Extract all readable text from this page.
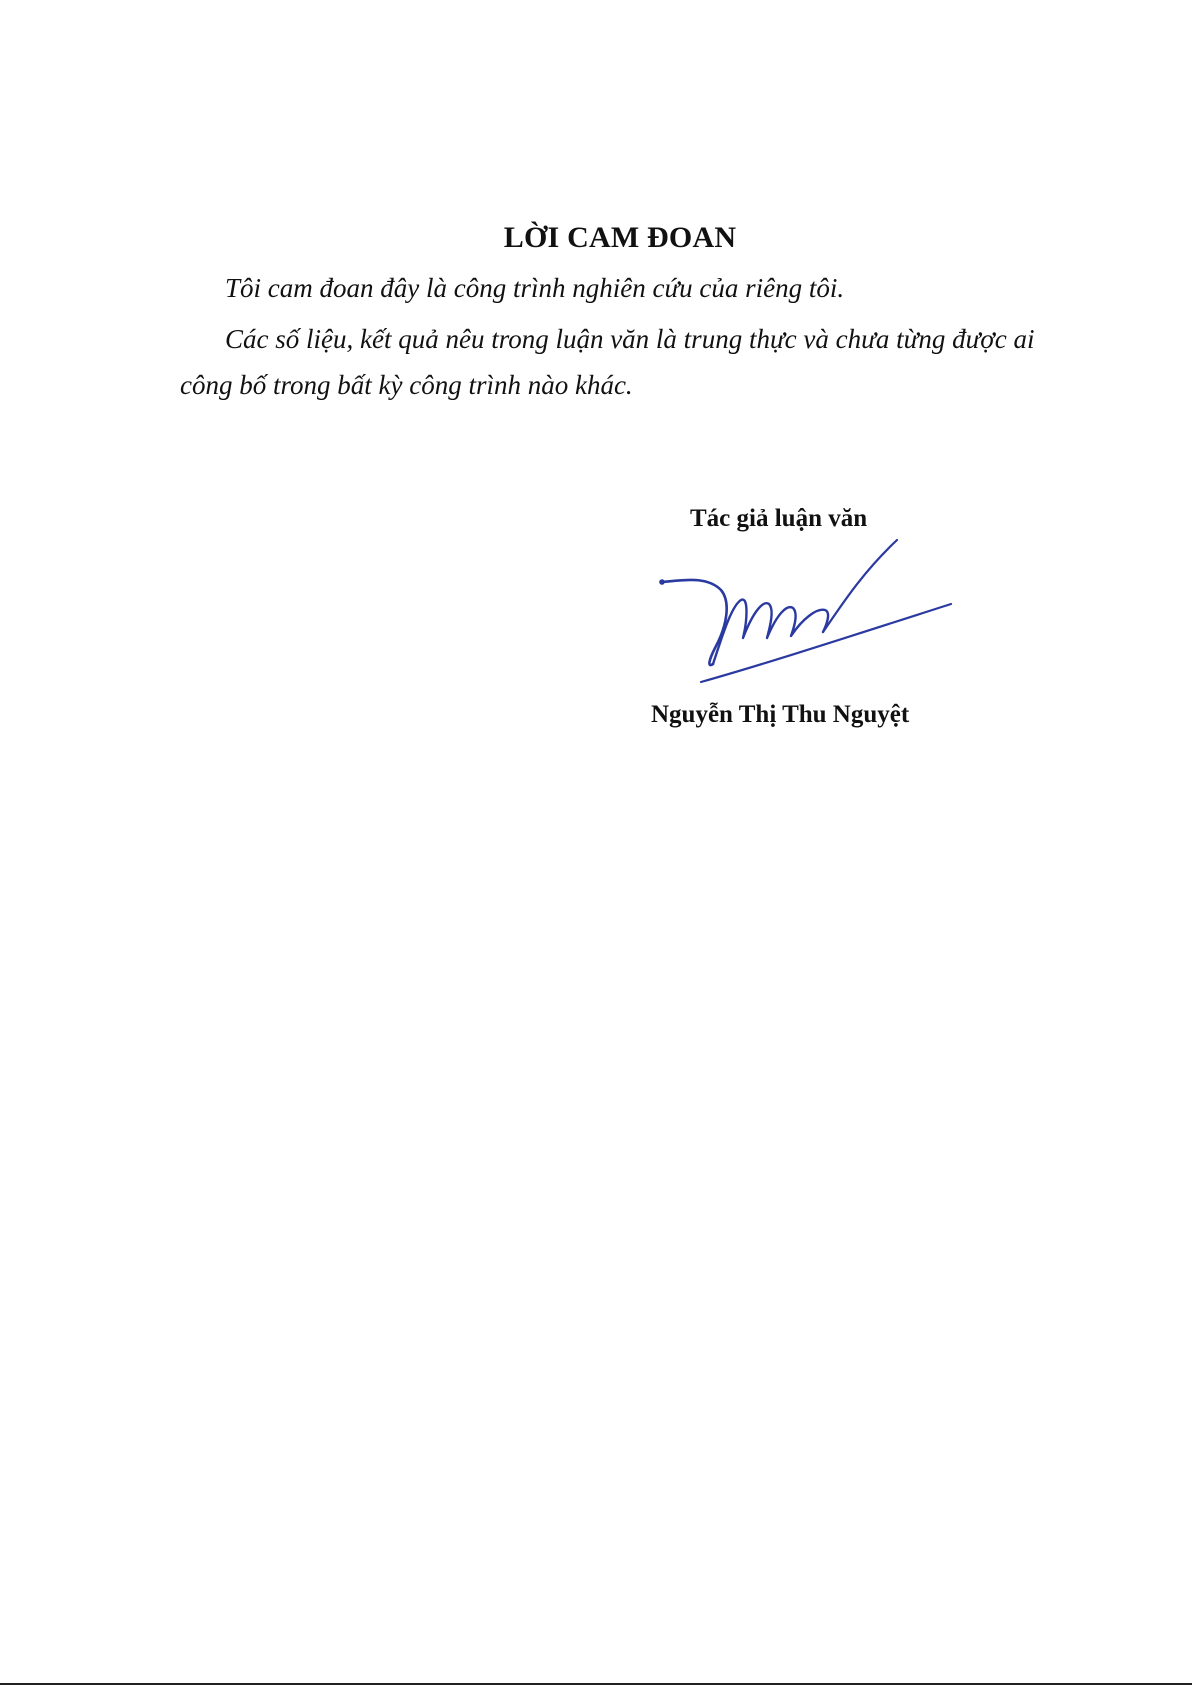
LỜI CAM ĐOAN
Tôi cam đoan đây là công trình nghiên cứu của riêng tôi.
Các số liệu, kết quả nêu trong luận văn là trung thực và chưa từng được ai
công bố trong bất kỳ công trình nào khác.
Tác giả luận văn
Nguyễn Thị Thu Nguyệt
